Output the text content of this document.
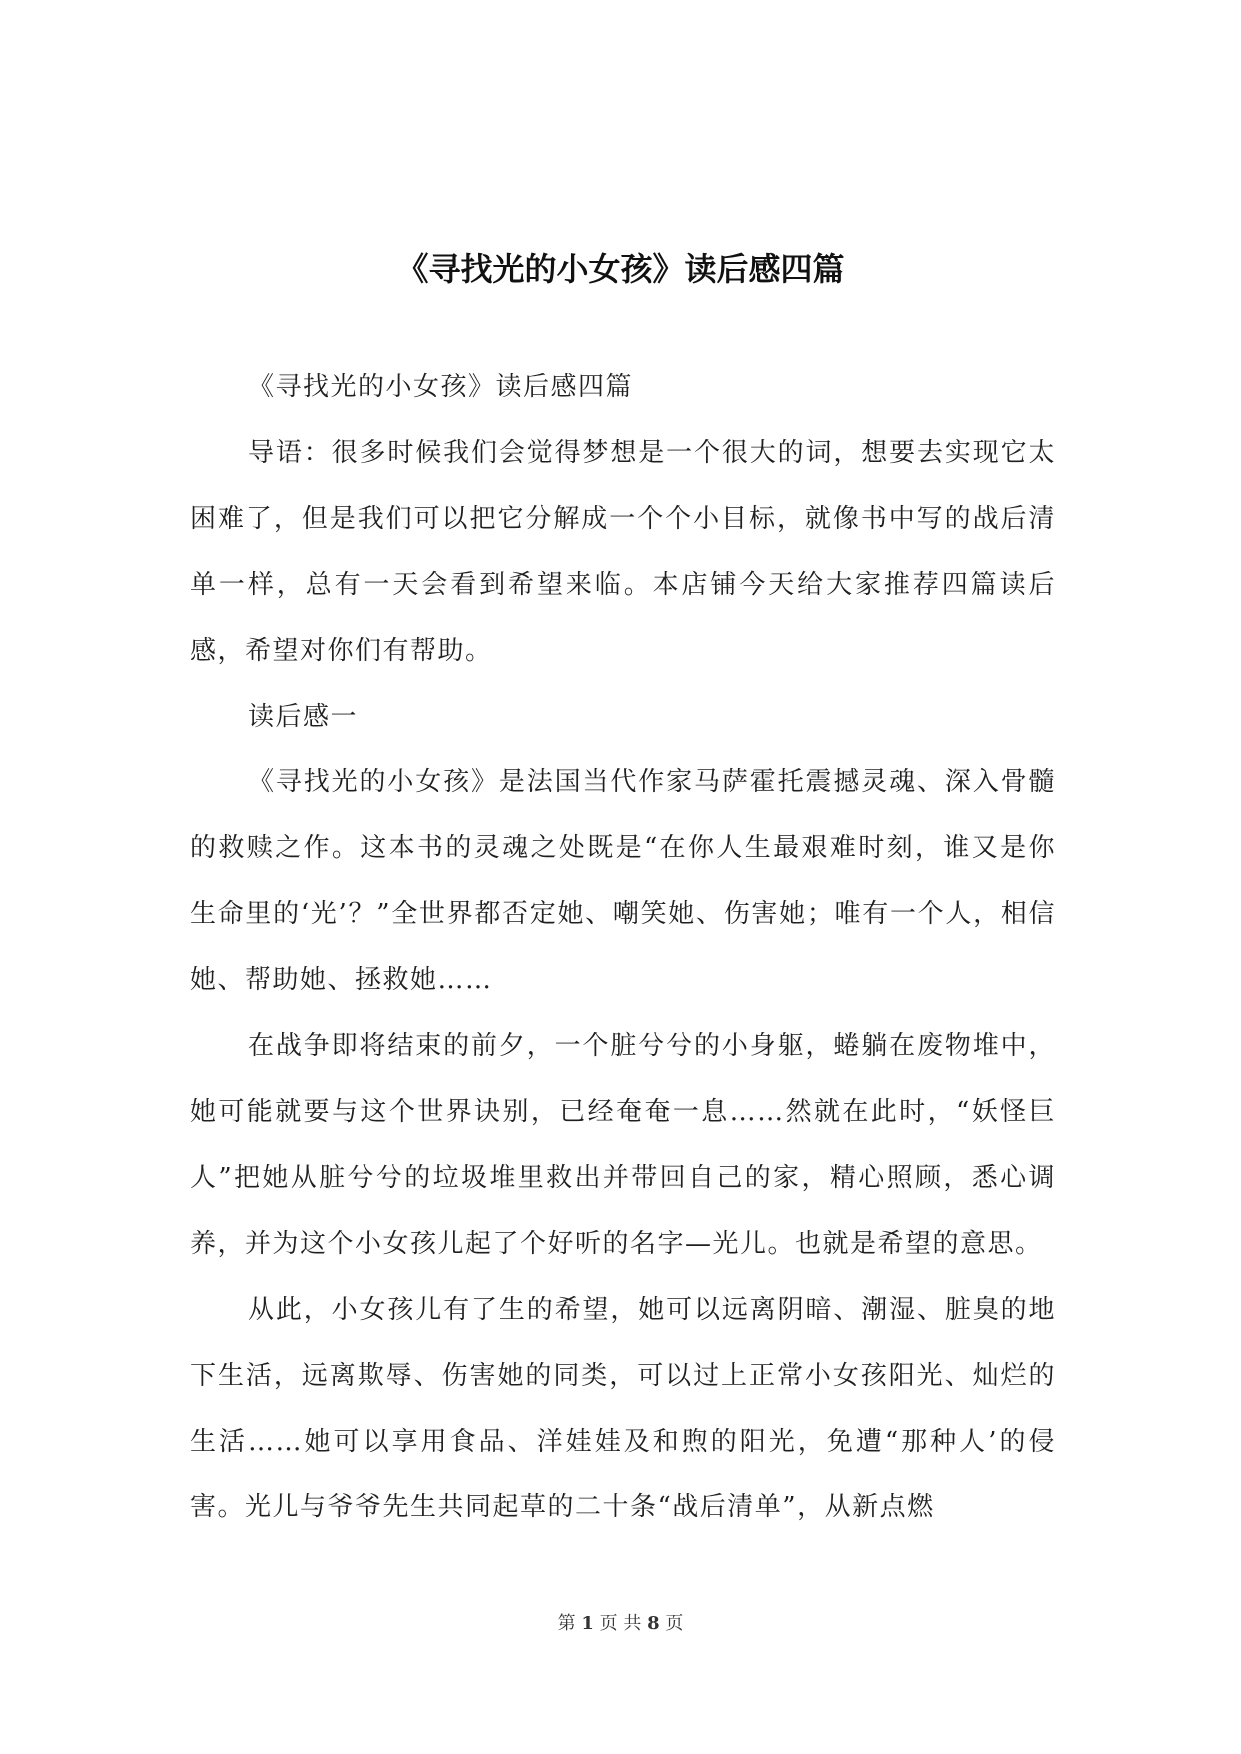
《寻找光的小女孩》读后感四篇

《寻找光的小女孩》读后感四篇

导语：很多时候我们会觉得梦想是一个很大的词，想要去实现它太困难了，但是我们可以把它分解成一个个小目标，就像书中写的战后清单一样，总有一天会看到希望来临。本店铺今天给大家推荐四篇读后感，希望对你们有帮助。

读后感一

《寻找光的小女孩》是法国当代作家马萨霍托震撼灵魂、深入骨髓的救赎之作。这本书的灵魂之处既是“在你人生最艰难时刻，谁又是你生命里的‘光’？”全世界都否定她、嘲笑她、伤害她；唯有一个人，相信她、帮助她、拯救她……

在战争即将结束的前夕，一个脏兮兮的小身躯，蜷躺在废物堆中，她可能就要与这个世界诀别，已经奄奄一息……然就在此时，“妖怪巨人”把她从脏兮兮的垃圾堆里救出并带回自己的家，精心照顾，悉心调养，并为这个小女孩儿起了个好听的名字—光儿。也就是希望的意思。

从此，小女孩儿有了生的希望，她可以远离阴暗、潮湿、脏臭的地下生活，远离欺辱、伤害她的同类，可以过上正常小女孩阳光、灿烂的生活……她可以享用食品、洋娃娃及和煦的阳光，免遭“那种人’的侵害。光儿与爷爷先生共同起草的二十条“战后清单”，从新点燃

第 1 页 共 8 页
